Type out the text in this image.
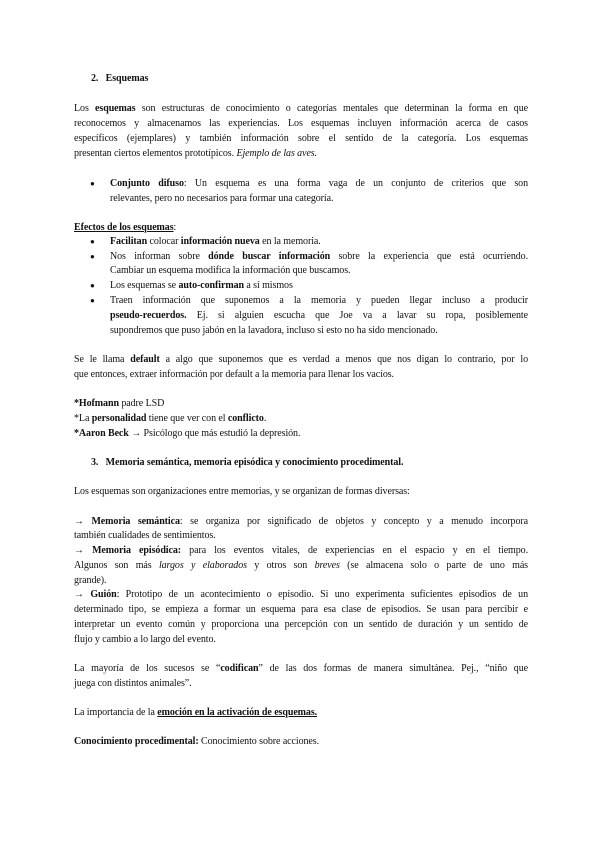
2. Esquemas
Los esquemas son estructuras de conocimiento o categorías mentales que determinan la forma en que
reconocemos y almacenamos las experiencias. Los esquemas incluyen información acerca de casos
específicos (ejemplares) y también información sobre el sentido de la categoría. Los esquemas
presentan ciertos elementos prototípicos. Ejemplo de las aves.
● Conjunto difuso: Un esquema es una forma vaga de un conjunto de criterios que son
relevantes, pero no necesarios para formar una categoría.
Efectos de los esquemas:
● Facilitan colocar información nueva en la memoria.
● Nos informan sobre dónde buscar información sobre la experiencia que está ocurriendo.
Cambiar un esquema modifica la información que buscamos.
● Los esquemas se auto-confirman a sí mismos
● Traen información que suponemos a la memoria y pueden llegar incluso a producir
pseudo-recuerdos. Ej. si alguien escucha que Joe va a lavar su ropa, posiblemente
supondremos que puso jabón en la lavadora, incluso si esto no ha sido mencionado.
Se le llama default a algo que suponemos que es verdad a menos que nos digan lo contrario, por lo
que entonces, extraer información por default a la memoria para llenar los vacíos.
*Hofmann padre LSD
*La personalidad tiene que ver con el conflicto.
*Aaron Beck → Psicólogo que más estudió la depresión.
3. Memoria semántica, memoria episódica y conocimiento procedimental.
Los esquemas son organizaciones entre memorias, y se organizan de formas diversas:
→ Memoria semántica: se organiza por significado de objetos y concepto y a menudo incorpora
también cualidades de sentimientos.
→ Memoria episódica: para los eventos vitales, de experiencias en el espacio y en el tiempo.
Algunos son más largos y elaborados y otros son breves (se almacena solo o parte de uno más
grande).
→ Guión: Prototipo de un acontecimiento o episodio. Si uno experimenta suficientes episodios de un
determinado tipo, se empieza a formar un esquema para esa clase de episodios. Se usan para percibir e
interpretar un evento común y proporciona una percepción con un sentido de duración y un sentido de
flujo y cambio a lo largo del evento.
La mayoría de los sucesos se “codifican” de las dos formas de manera simultánea. Pej., “niño que
juega con distintos animales”.
La importancia de la emoción en la activación de esquemas.
Conocimiento procedimental: Conocimiento sobre acciones.
